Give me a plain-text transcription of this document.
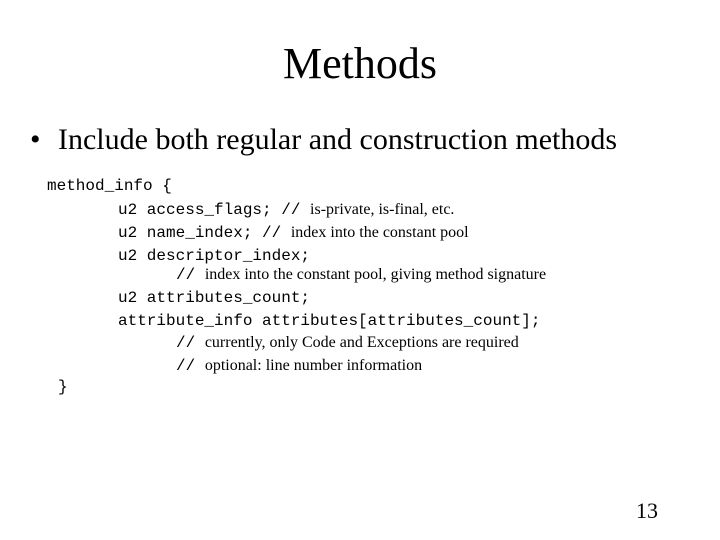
Methods
• Include both regular and construction methods
method_info {
u2 access_flags; // is-private, is-final, etc.
u2 name_index; // index into the constant pool
u2 descriptor_index;
// index into the constant pool, giving method signature
u2 attributes_count;
attribute_info attributes[attributes_count];
// currently, only Code and Exceptions are required
// optional: line number information
}
13
